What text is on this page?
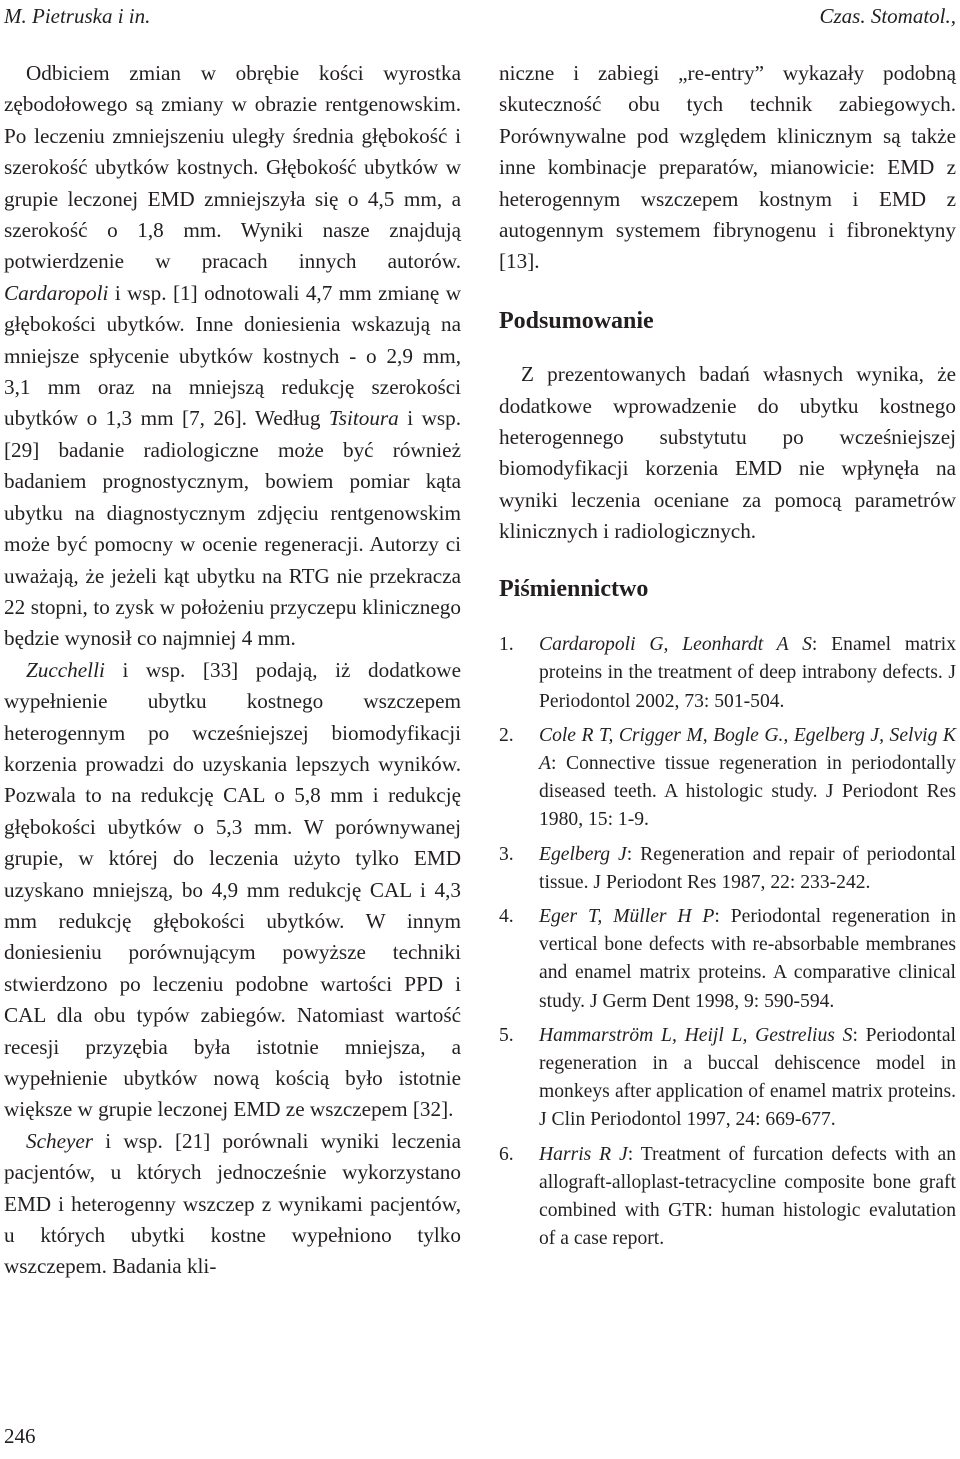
M. Pietruska i in.	Czas. Stomatol.,

Odbiciem zmian w obrębie kości wyrostka zębodołowego są zmiany w obrazie rentgenowskim. Po leczeniu zmniejszeniu uległy średnia głębokość i szerokość ubytków kostnych. Głębokość ubytków w grupie leczonej EMD zmniejszyła się o 4,5 mm, a szerokość o 1,8 mm. Wyniki nasze znajdują potwierdzenie w pracach innych autorów. Cardaropoli i wsp. [1] odnotowali 4,7 mm zmianę w głębokości ubytków. Inne doniesienia wskazują na mniejsze spłycenie ubytków kostnych - o 2,9 mm, 3,1 mm oraz na mniejszą redukcję szerokości ubytków o 1,3 mm [7, 26]. Według Tsitoura i wsp. [29] badanie radiologiczne może być również badaniem prognostycznym, bowiem pomiar kąta ubytku na diagnostycznym zdjęciu rentgenowskim może być pomocny w ocenie regeneracji. Autorzy ci uważają, że jeżeli kąt ubytku na RTG nie przekracza 22 stopni, to zysk w położeniu przyczepu klinicznego będzie wynosił co najmniej 4 mm.

Zucchelli i wsp. [33] podają, iż dodatkowe wypełnienie ubytku kostnego wszczepem heterogennym po wcześniejszej biomodyfikacji korzenia prowadzi do uzyskania lepszych wyników. Pozwala to na redukcję CAL o 5,8 mm i redukcję głębokości ubytków o 5,3 mm. W porównywanej grupie, w której do leczenia użyto tylko EMD uzyskano mniejszą, bo 4,9 mm redukcję CAL i 4,3 mm redukcję głębokości ubytków. W innym doniesieniu porównującym powyższe techniki stwierdzono po leczeniu podobne wartości PPD i CAL dla obu typów zabiegów. Natomiast wartość recesji przyzębia była istotnie mniejsza, a wypełnienie ubytków nową kością było istotnie większe w grupie leczonej EMD ze wszczepem [32].

Scheyer i wsp. [21] porównali wyniki leczenia pacjentów, u których jednocześnie wykorzystano EMD i heterogenny wszczep z wynikami pacjentów, u których ubytki kostne wypełniono tylko wszczepem. Badania kli-

niczne i zabiegi „re-entry” wykazały podobną skuteczność obu tych technik zabiegowych. Porównywalne pod względem klinicznym są także inne kombinacje preparatów, mianowicie: EMD z heterogennym wszczepem kostnym i EMD z autogennym systemem fibrynogenu i fibronektyny [13].

Podsumowanie

Z prezentowanych badań własnych wynika, że dodatkowe wprowadzenie do ubytku kostnego heterogennego substytutu po wcześniejszej biomodyfikacji korzenia EMD nie wpłynęła na wyniki leczenia oceniane za pomocą parametrów klinicznych i radiologicznych.

Piśmiennictwo
1. Cardaropoli G, Leonhardt A S: Enamel matrix proteins in the treatment of deep intrabony defects. J Periodontol 2002, 73: 501-504.
2. Cole R T, Crigger M, Bogle G., Egelberg J, Selvig K A: Connective tissue regeneration in periodontally diseased teeth. A histologic study. J Periodont Res 1980, 15: 1-9.
3. Egelberg J: Regeneration and repair of periodontal tissue. J Periodont Res 1987, 22: 233-242.
4. Eger T, Müller H P: Periodontal regeneration in vertical bone defects with re-absorbable membranes and enamel matrix proteins. A comparative clinical study. J Germ Dent 1998, 9: 590-594.
5. Hammarström L, Heijl L, Gestrelius S: Periodontal regeneration in a buccal dehiscence model in monkeys after application of enamel matrix proteins. J Clin Periodontol 1997, 24: 669-677.
6. Harris R J: Treatment of furcation defects with an allograft-alloplast-tetracycline composite bone graft combined with GTR: human histologic evalutation of a case report.
246
